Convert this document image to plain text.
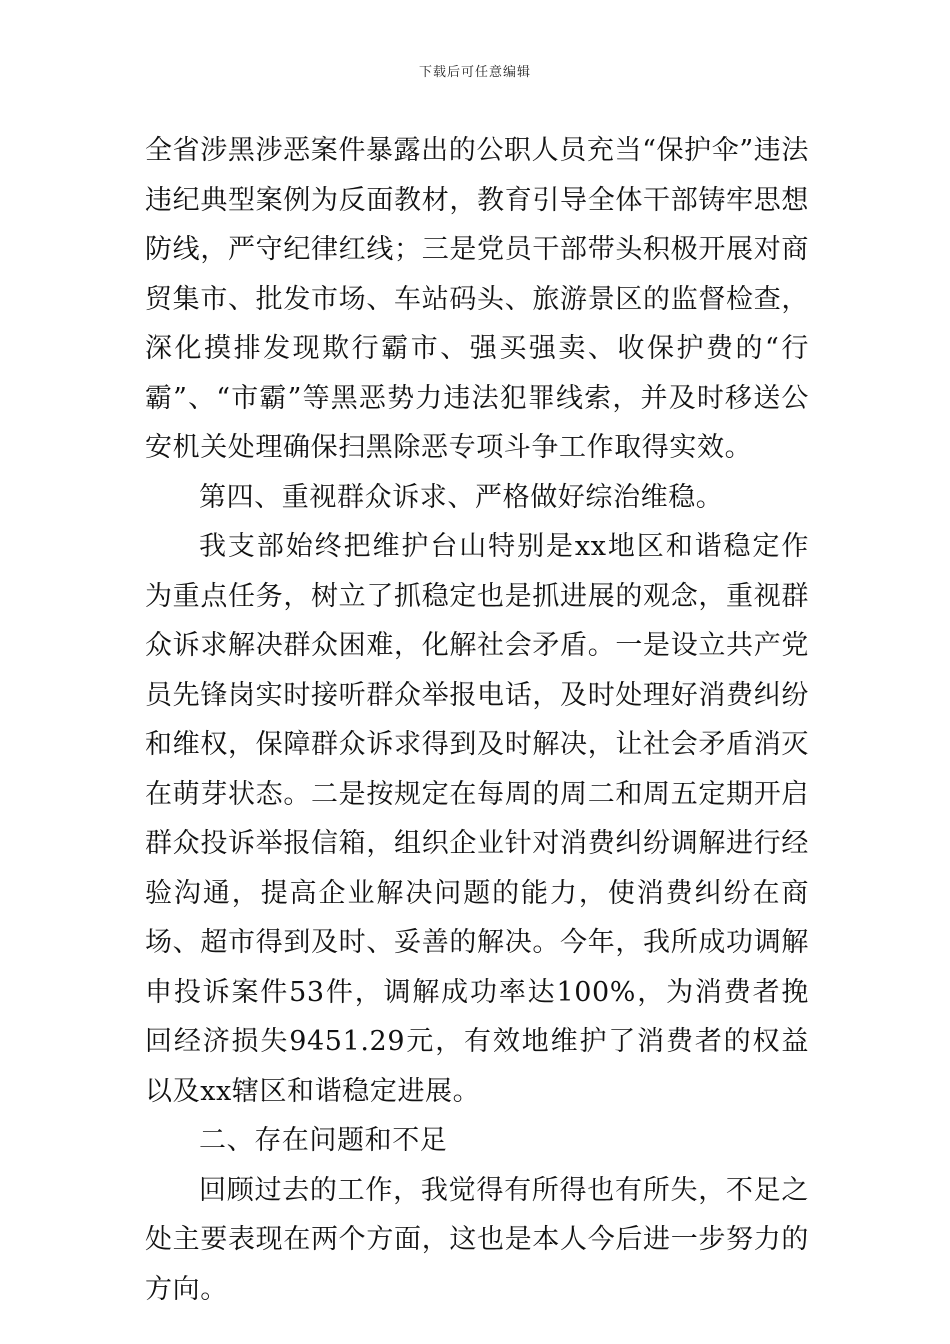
下载后可任意编辑

全省涉黑涉恶案件暴露出的公职人员充当“保护伞”违法违纪典型案例为反面教材，教育引导全体干部铸牢思想防线，严守纪律红线；三是党员干部带头积极开展对商贸集市、批发市场、车站码头、旅游景区的监督检查，深化摸排发现欺行霸市、强买强卖、收保护费的“行霸”、“市霸”等黑恶势力违法犯罪线索，并及时移送公安机关处理确保扫黑除恶专项斗争工作取得实效。

第四、重视群众诉求、严格做好综治维稳。

我支部始终把维护台山特别是xx地区和谐稳定作为重点任务，树立了抓稳定也是抓进展的观念，重视群众诉求解决群众困难，化解社会矛盾。一是设立共产党员先锋岗实时接听群众举报电话，及时处理好消费纠纷和维权，保障群众诉求得到及时解决，让社会矛盾消灭在萌芽状态。二是按规定在每周的周二和周五定期开启群众投诉举报信箱，组织企业针对消费纠纷调解进行经验沟通，提高企业解决问题的能力，使消费纠纷在商场、超市得到及时、妥善的解决。今年，我所成功调解申投诉案件53件，调解成功率达100%，为消费者挽回经济损失9451.29元，有效地维护了消费者的权益以及xx辖区和谐稳定进展。

二、存在问题和不足

回顾过去的工作，我觉得有所得也有所失，不足之处主要表现在两个方面，这也是本人今后进一步努力的方向。
